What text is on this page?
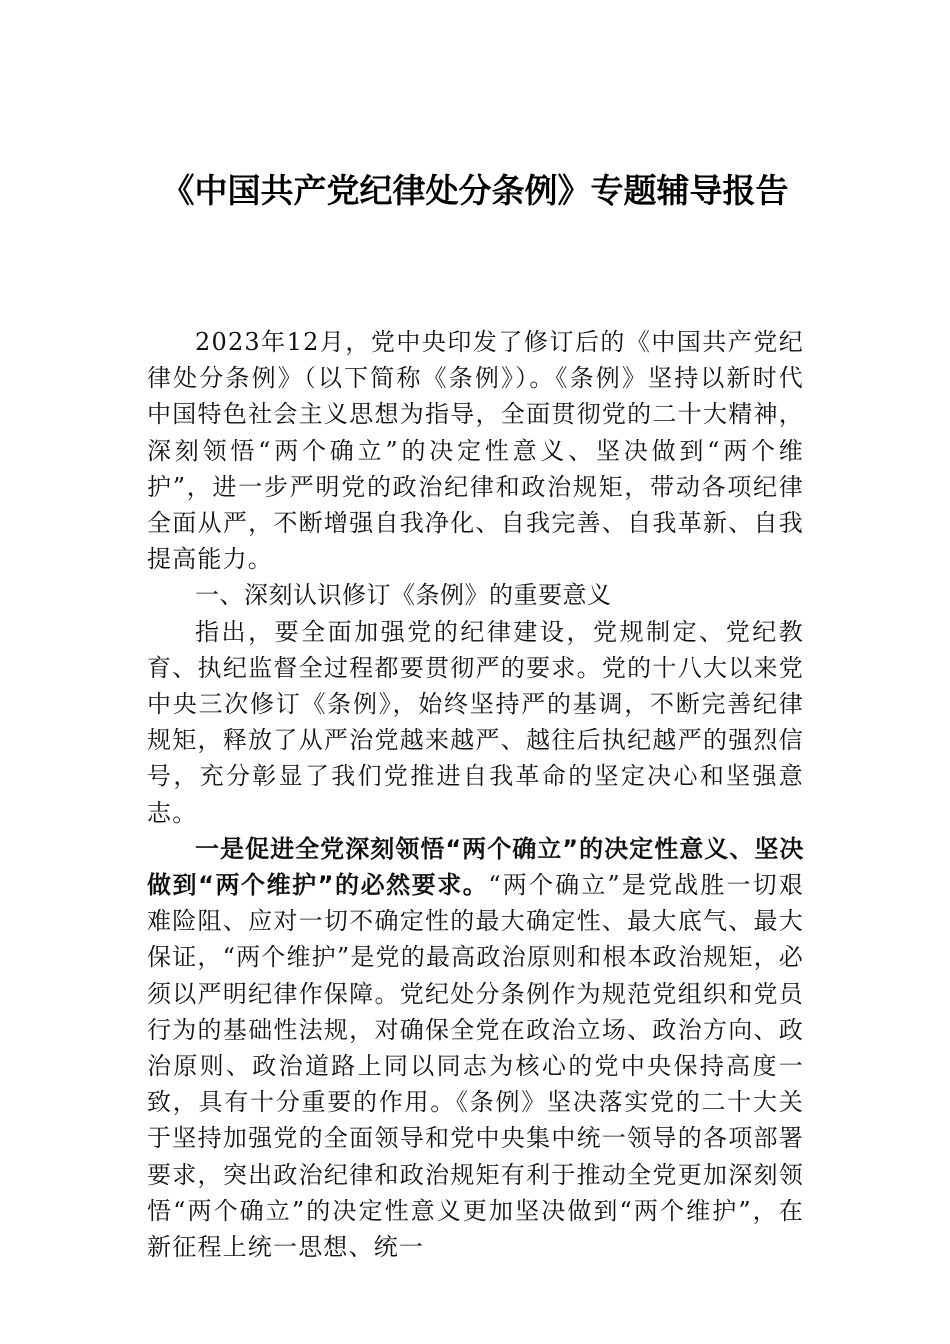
《中国共产党纪律处分条例》专题辅导报告

2023年12月，党中央印发了修订后的《中国共产党纪律处分条例》（以下简称《条例》）。《条例》坚持以新时代中国特色社会主义思想为指导，全面贯彻党的二十大精神，深刻领悟“两个确立”的决定性意义、坚决做到“两个维护”，进一步严明党的政治纪律和政治规矩，带动各项纪律全面从严，不断增强自我净化、自我完善、自我革新、自我提高能力。

一、深刻认识修订《条例》的重要意义

指出，要全面加强党的纪律建设，党规制定、党纪教育、执纪监督全过程都要贯彻严的要求。党的十八大以来党中央三次修订《条例》，始终坚持严的基调，不断完善纪律规矩，释放了从严治党越来越严、越往后执纪越严的强烈信号，充分彰显了我们党推进自我革命的坚定决心和坚强意志。

一是促进全党深刻领悟“两个确立”的决定性意义、坚决做到“两个维护”的必然要求。“两个确立”是党战胜一切艰难险阻、应对一切不确定性的最大确定性、最大底气、最大保证，“两个维护”是党的最高政治原则和根本政治规矩，必须以严明纪律作保障。党纪处分条例作为规范党组织和党员行为的基础性法规，对确保全党在政治立场、政治方向、政治原则、政治道路上同以同志为核心的党中央保持高度一致，具有十分重要的作用。《条例》坚决落实党的二十大关于坚持加强党的全面领导和党中央集中统一领导的各项部署要求，突出政治纪律和政治规矩有利于推动全党更加深刻领悟“两个确立”的决定性意义更加坚决做到“两个维护”，在新征程上统一思想、统一
